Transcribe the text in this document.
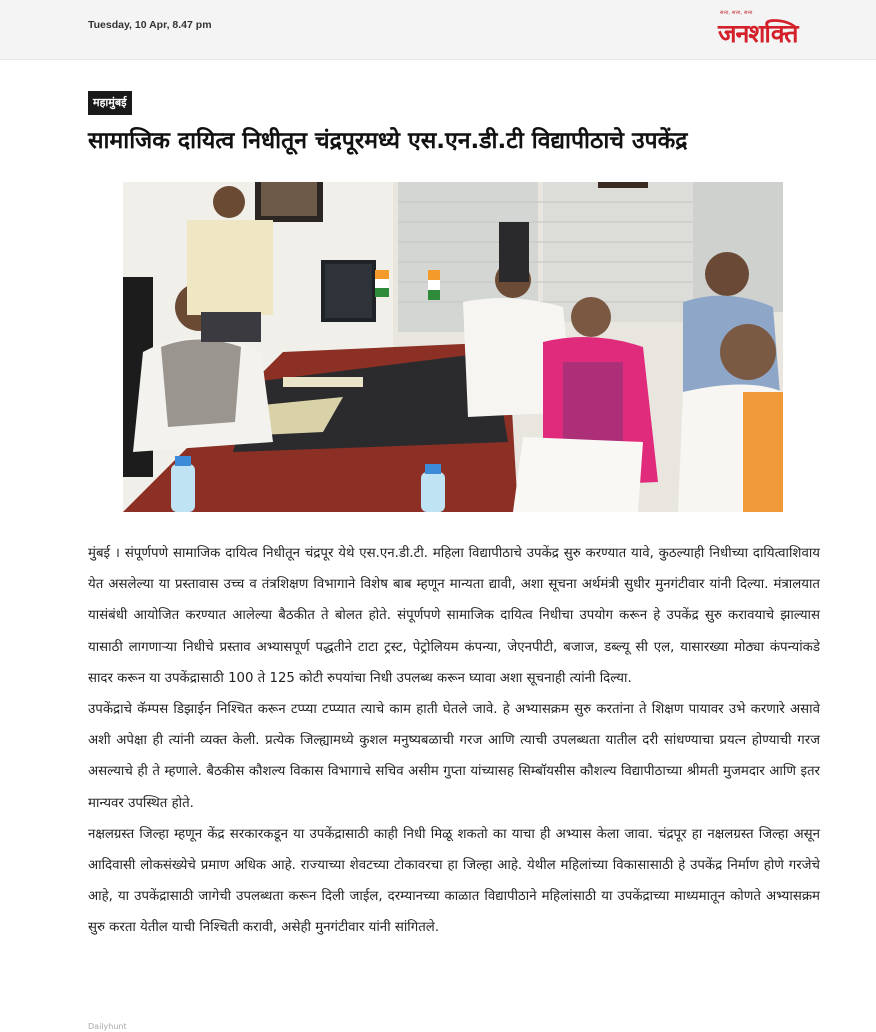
Tuesday, 10 Apr, 8.47 pm
सत्य, सत्ता, सत्ता
जनशक्ति
महामुंबई
सामाजिक दायित्व निधीतून चंद्रपूरमध्ये एस.एन.डी.टी विद्यापीठाचे उपकेंद्र

मुंबई । संपूर्णपणे सामाजिक दायित्व निधीतून चंद्रपूर येथे एस.एन.डी.टी. महिला विद्यापीठाचे उपकेंद्र सुरु करण्यात यावे, कुठल्याही निधीच्या दायित्वाशिवाय येत असलेल्या या प्रस्तावास उच्च व तंत्रशिक्षण विभागाने विशेष बाब म्हणून मान्यता द्यावी, अशा सूचना अर्थमंत्री सुधीर मुनगंटीवार यांनी दिल्या. मंत्रालयात यासंबंधी आयोजित करण्यात आलेल्या बैठकीत ते बोलत होते. संपूर्णपणे सामाजिक दायित्व निधीचा उपयोग करून हे उपकेंद्र सुरु करावयाचे झाल्यास यासाठी लागणाऱ्या निधीचे प्रस्ताव अभ्यासपूर्ण पद्धतीने टाटा ट्रस्ट, पेट्रोलियम कंपन्या, जेएनपीटी, बजाज, डब्ल्यू सी एल, यासारख्या मोठ्या कंपन्यांकडे सादर करून या उपकेंद्रासाठी 100 ते 125 कोटी रुपयांचा निधी उपलब्ध करून घ्यावा अशा सूचनाही त्यांनी दिल्या.

उपकेंद्राचे कॅम्पस डिझाईन निश्चित करून टप्प्या टप्प्यात त्याचे काम हाती घेतले जावे. हे अभ्यासक्रम सुरु करतांना ते शिक्षण पायावर उभे करणारे असावे अशी अपेक्षा ही त्यांनी व्यक्त केली. प्रत्येक जिल्ह्यामध्ये कुशल मनुष्यबळाची गरज आणि त्याची उपलब्धता यातील दरी सांधण्याचा प्रयत्न होण्याची गरज असल्याचे ही ते म्हणाले. बैठकीस कौशल्य विकास विभागाचे सचिव असीम गुप्ता यांच्यासह सिम्बॉयसीस कौशल्य विद्यापीठाच्या श्रीमती मुजमदार आणि इतर मान्यवर उपस्थित होते.

नक्षलग्रस्त जिल्हा म्हणून केंद्र सरकारकडून या उपकेंद्रासाठी काही निधी मिळू शकतो का याचा ही अभ्यास केला जावा. चंद्रपूर हा नक्षलग्रस्त जिल्हा असून आदिवासी लोकसंख्येचे प्रमाण अधिक आहे. राज्याच्या शेवटच्या टोकावरचा हा जिल्हा आहे. येथील महिलांच्या विकासासाठी हे उपकेंद्र निर्माण होणे गरजेचे आहे, या उपकेंद्रासाठी जागेची उपलब्धता करून दिली जाईल, दरम्यानच्या काळात विद्यापीठाने महिलांसाठी या उपकेंद्राच्या माध्यमातून कोणते अभ्यासक्रम सुरु करता येतील याची निश्चिती करावी, असेही मुनगंटीवार यांनी सांगितले.

Dailyhunt
